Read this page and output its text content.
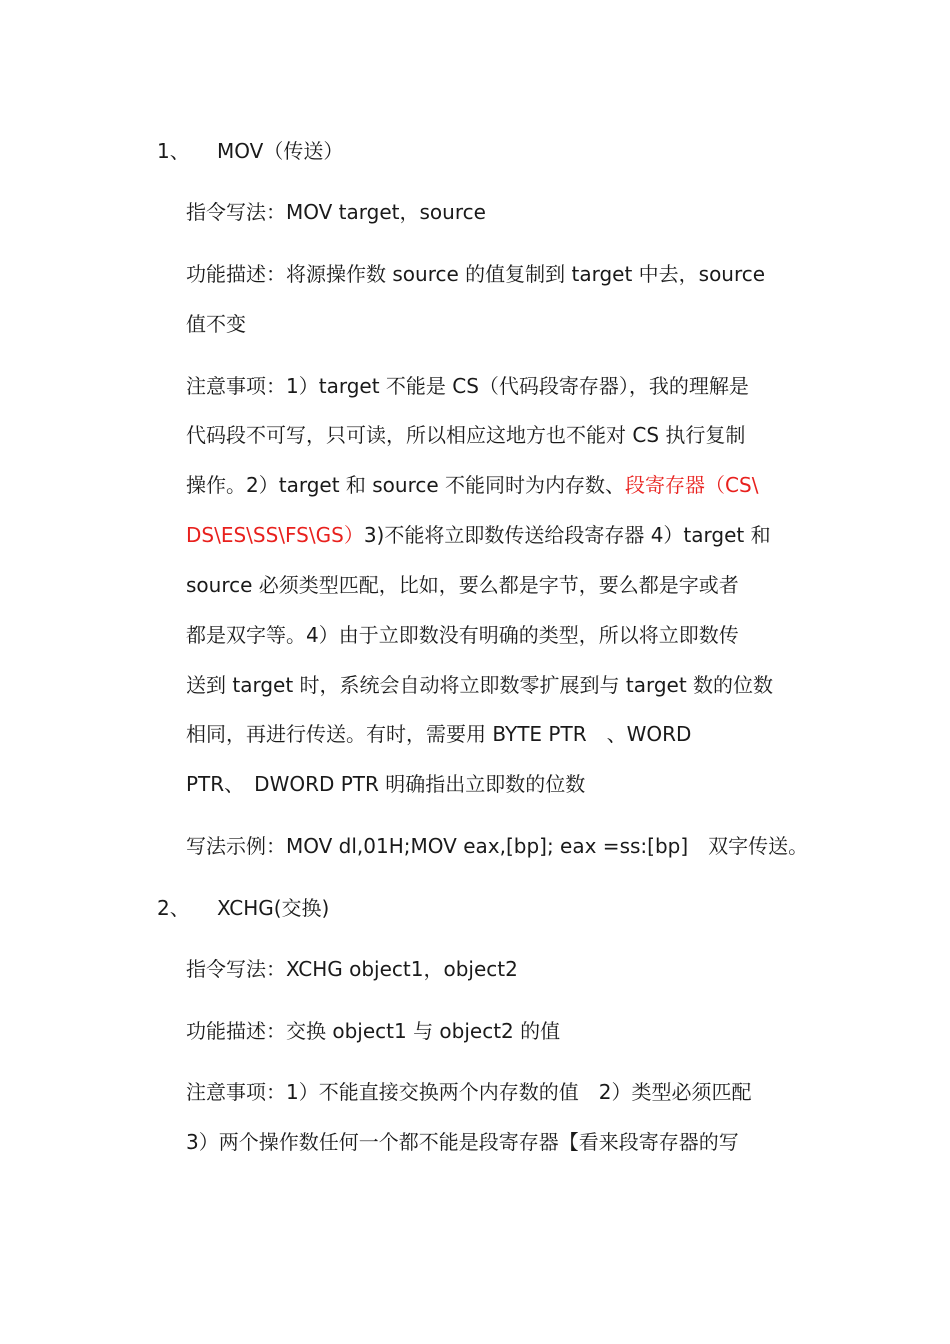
1、 MOV（传送）
指令写法：MOV target，source
功能描述：将源操作数 source 的值复制到 target 中去，source
值不变
注意事项：1）target 不能是 CS（代码段寄存器），我的理解是
代码段不可写，只可读，所以相应这地方也不能对 CS 执行复制
操作。2）target 和 source 不能同时为内存数、段寄存器（CS\
DS\ES\SS\FS\GS）3)不能将立即数传送给段寄存器 4）target 和
source 必须类型匹配，比如，要么都是字节，要么都是字或者
都是双字等。4）由于立即数没有明确的类型，所以将立即数传
送到 target 时，系统会自动将立即数零扩展到与 target 数的位数
相同，再进行传送。有时，需要用 BYTE PTR　、WORD
PTR、　DWORD PTR 明确指出立即数的位数
写法示例：MOV dl,01H;MOV eax,[bp]; eax =ss:[bp]　双字传送。
2、 XCHG(交换)
指令写法：XCHG object1，object2
功能描述：交换 object1 与 object2 的值
注意事项：1）不能直接交换两个内存数的值　2）类型必须匹配
3）两个操作数任何一个都不能是段寄存器【看来段寄存器的写
